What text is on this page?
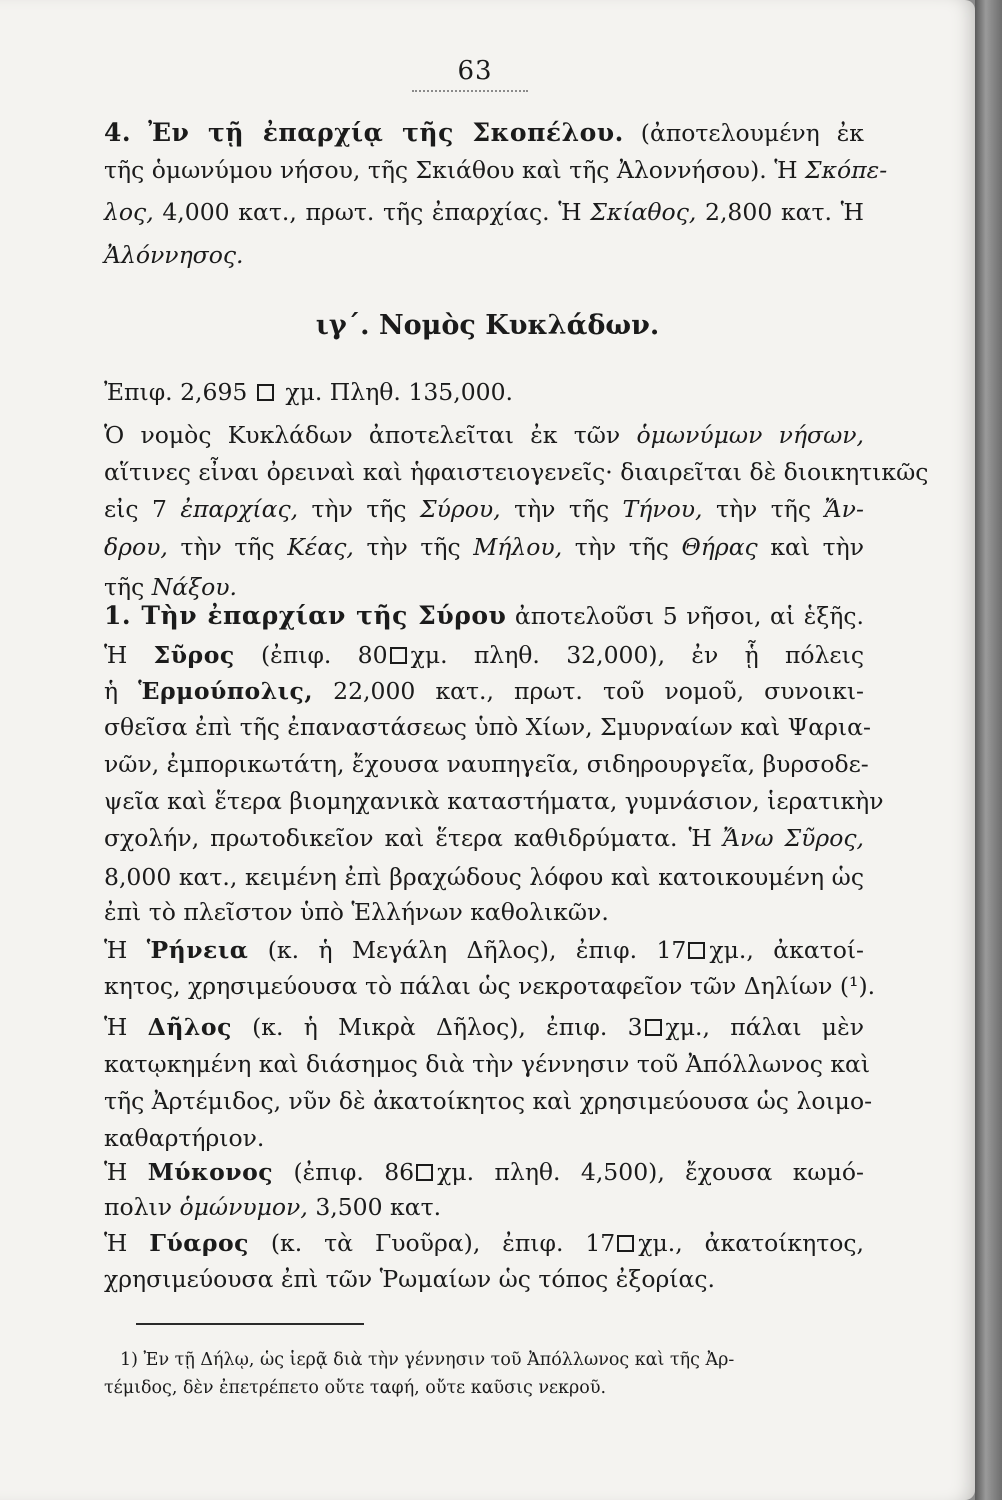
63
4. Ἐν τῇ ἐπαρχίᾳ τῆς Σκοπέλου. (ἀποτελουμένη ἐκ
τῆς ὁμωνύμου νήσου, τῆς Σκιάθου καὶ τῆς Ἀλοννήσου). Ἡ Σκόπε-
λος, 4,000 κατ., πρωτ. τῆς ἐπαρχίας. Ἡ Σκίαθος, 2,800 κατ. Ἡ
Ἀλόννησος.
ιγ΄. Νομὸς Κυκλάδων.
Ἐπιφ. 2,695 χμ. Πληθ. 135,000.
Ὁ νομὸς Κυκλάδων ἀποτελεῖται ἐκ τῶν ὁμωνύμων νήσων,
αἵτινες εἶναι ὀρειναὶ καὶ ἡφαιστειογενεῖς· διαιρεῖται δὲ διοικητικῶς
εἰς 7 ἐπαρχίας, τὴν τῆς Σύρου, τὴν τῆς Τήνου, τὴν τῆς Ἄν-
δρου, τὴν τῆς Κέας, τὴν τῆς Μήλου, τὴν τῆς Θήρας καὶ τὴν
τῆς Νάξου.
1. Τὴν ἐπαρχίαν τῆς Σύρου ἀποτελοῦσι 5 νῆσοι, αἱ ἑξῆς.
Ἡ Σῦρος (ἐπιφ. 80 χμ. πληθ. 32,000), ἐν ᾗ πόλεις
ἡ Ἑρμούπολις, 22,000 κατ., πρωτ. τοῦ νομοῦ, συνοικι-
σθεῖσα ἐπὶ τῆς ἐπαναστάσεως ὑπὸ Χίων, Σμυρναίων καὶ Ψαρια-
νῶν, ἐμπορικωτάτη, ἔχουσα ναυπηγεῖα, σιδηρουργεῖα, βυρσοδε-
ψεῖα καὶ ἕτερα βιομηχανικὰ καταστήματα, γυμνάσιον, ἱερατικὴν
σχολήν, πρωτοδικεῖον καὶ ἕτερα καθιδρύματα. Ἡ Ἄνω Σῦρος,
8,000 κατ., κειμένη ἐπὶ βραχώδους λόφου καὶ κατοικουμένη ὡς
ἐπὶ τὸ πλεῖστον ὑπὸ Ἑλλήνων καθολικῶν.
Ἡ Ῥήνεια (κ. ἡ Μεγάλη Δῆλος), ἐπιφ. 17 χμ., ἀκατοί-
κητος, χρησιμεύουσα τὸ πάλαι ὡς νεκροταφεῖον τῶν Δηλίων (¹).
Ἡ Δῆλος (κ. ἡ Μικρὰ Δῆλος), ἐπιφ. 3 χμ., πάλαι μὲν
κατῳκημένη καὶ διάσημος διὰ τὴν γέννησιν τοῦ Ἀπόλλωνος καὶ
τῆς Ἀρτέμιδος, νῦν δὲ ἀκατοίκητος καὶ χρησιμεύουσα ὡς λοιμο-
καθαρτήριον.
Ἡ Μύκονος (ἐπιφ. 86 χμ. πληθ. 4,500), ἔχουσα κωμό-
πολιν ὁμώνυμον, 3,500 κατ.
Ἡ Γύαρος (κ. τὰ Γυοῦρα), ἐπιφ. 17 χμ., ἀκατοίκητος,
χρησιμεύουσα ἐπὶ τῶν Ῥωμαίων ὡς τόπος ἐξορίας.
1) Ἐν τῇ Δήλῳ, ὡς ἱερᾷ διὰ τὴν γέννησιν τοῦ Ἀπόλλωνος καὶ τῆς Ἀρ-
τέμιδος, δὲν ἐπετρέπετο οὔτε ταφή, οὔτε καῦσις νεκροῦ.
